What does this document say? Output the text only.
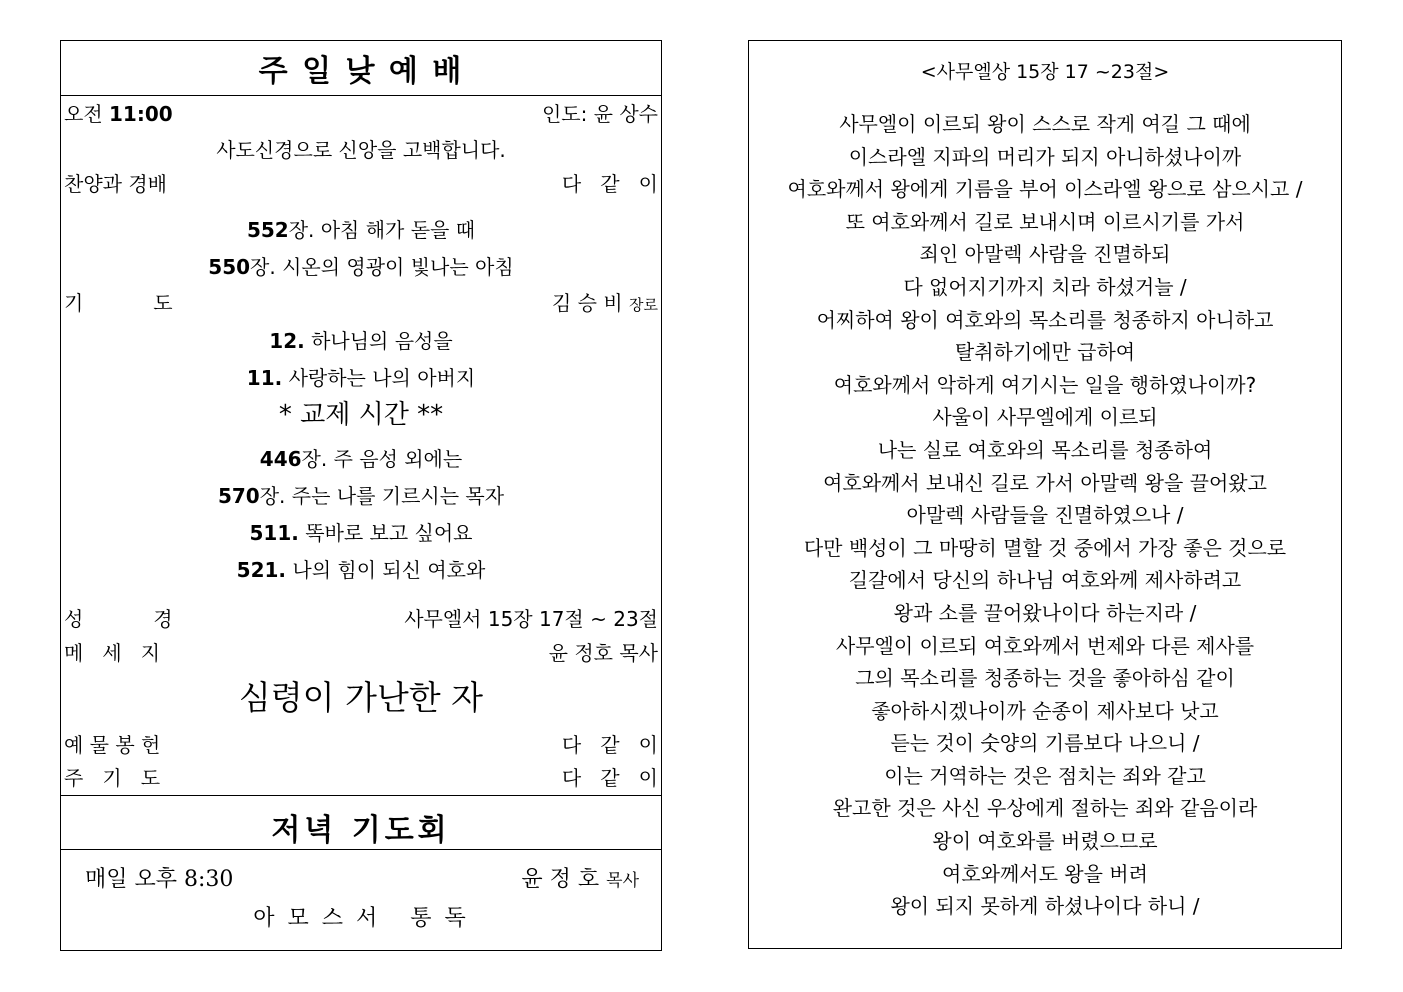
주 일 낮 예 배
오전 11:00	인도: 윤 상수
사도신경으로 신앙을 고백합니다.
찬양과 경배	다   같   이
552장. 아침 해가 돋을 때
550장. 시온의 영광이 빛나는 아침
기           도	김 승 비 장로
12. 하나님의 음성을
11. 사랑하는 나의 아버지
* 교제 시간 **
446장. 주 음성 외에는
570장. 주는 나를 기르시는 목자
511. 똑바로 보고 싶어요
521. 나의 힘이 되신 여호와
성           경	사무엘서 15장 17절 ~ 23절
메   세   지	윤 정호 목사
심령이 가난한 자
예 물 봉 헌	다   같   이
주   기   도	다   같   이
저녁 기도회
매일 오후 8:30	윤 정 호 목사
아 모 스 서   통 독
<사무엘상 15장 17 ~23절>
사무엘이 이르되 왕이 스스로 작게 여길 그 때에
이스라엘 지파의 머리가 되지 아니하셨나이까
여호와께서 왕에게 기름을 부어 이스라엘 왕으로 삼으시고 /
또 여호와께서 길로 보내시며 이르시기를 가서
죄인 아말렉 사람을 진멸하되
다 없어지기까지 치라 하셨거늘 /
어찌하여 왕이 여호와의 목소리를 청종하지 아니하고
탈취하기에만 급하여
여호와께서 악하게 여기시는 일을 행하였나이까?
사울이 사무엘에게 이르되
나는 실로 여호와의 목소리를 청종하여
여호와께서 보내신 길로 가서 아말렉 왕을 끌어왔고
아말렉 사람들을 진멸하였으나 /
다만 백성이 그 마땅히 멸할 것 중에서 가장 좋은 것으로
길갈에서 당신의 하나님 여호와께 제사하려고
왕과 소를 끌어왔나이다 하는지라 /
사무엘이 이르되 여호와께서 번제와 다른 제사를
그의 목소리를 청종하는 것을 좋아하심 같이
좋아하시겠나이까 순종이 제사보다 낫고
듣는 것이 숫양의 기름보다 나으니 /
이는 거역하는 것은 점치는 죄와 같고
완고한 것은 사신 우상에게 절하는 죄와 같음이라
왕이 여호와를 버렸으므로
여호와께서도 왕을 버려
왕이 되지 못하게 하셨나이다 하니 /
